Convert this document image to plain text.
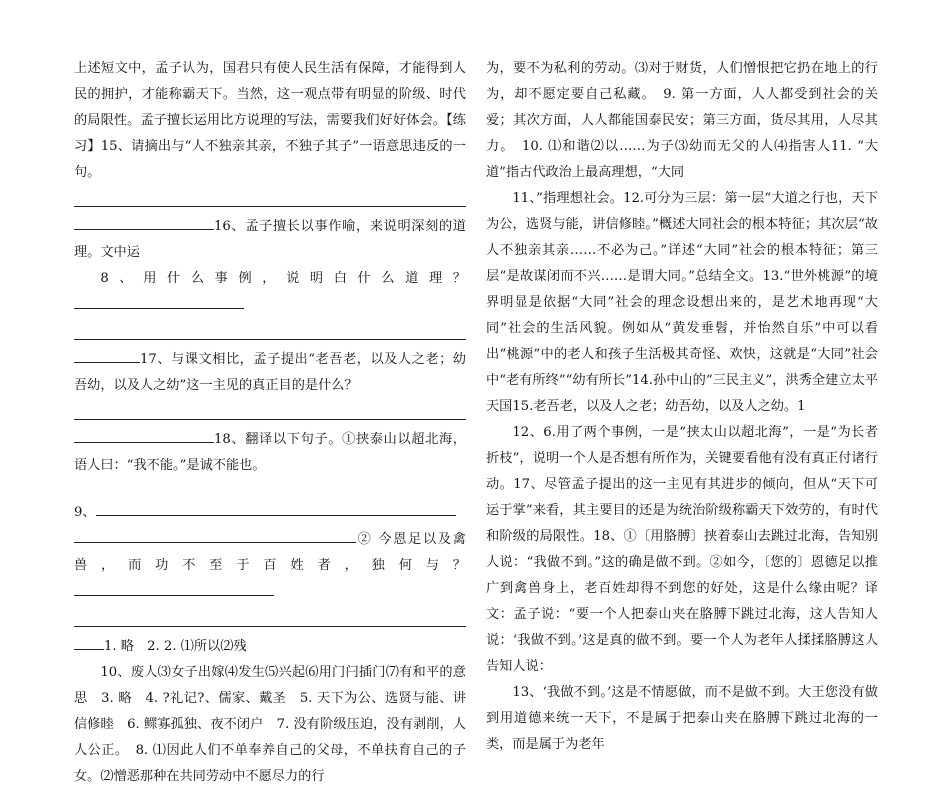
上述短文中，孟子认为，国君只有使人民生活有保障，才能得到人民的拥护，才能称霸天下。当然，这一观点带有明显的阶级、时代的局限性。孟子擅长运用比方说理的写法，需要我们好好体会。【练习】15、请摘出与“人不独亲其亲，不独子其子”一语意思违反的一句。

16、孟子擅长以事作喻，来说明深刻的道理。文中运

8、用什么事例，说明白什么道理？

17、与课文相比，孟子提出“老吾老，以及人之老；幼吾幼，以及人之幼”这一主见的真正目的是什么？

18、翻译以下句子。①挟泰山以超北海，语人曰：“我不能。”是诚不能也。

9、

② 今恩足以及禽兽，而功不至于百姓者，独何与？

1. 略　2. 2. ⑴所以⑵残

10、废人⑶女子出嫁⑷发生⑸兴起⑹用门闩插门⑺有和平的意思　3. 略　4. ?礼记?、儒家、戴圣　5. 天下为公、选贤与能、讲信修睦　6. 鳏寡孤独、夜不闭户　7. 没有阶级压迫，没有剥削，人人公正。　8. ⑴因此人们不单奉养自己的父母，不单扶育自己的子女。⑵憎恶那种在共同劳动中不愿尽力的行

为，要不为私利的劳动。⑶对于财货，人们憎恨把它扔在地上的行为，却不愿定要自己私藏。　9. 第一方面，人人都受到社会的关爱；其次方面，人人都能国泰民安；第三方面，货尽其用，人尽其力。　10. ⑴和谐⑵以……为子⑶幼而无父的人⑷指害人11. “大道”指古代政治上最高理想，“大同

11、”指理想社会。12.可分为三层：第一层“大道之行也，天下为公，选贤与能，讲信修睦。”概述大同社会的根本特征；其次层“故人不独亲其亲……不必为己。”详述“大同”社会的根本特征；第三层“是故谋闭而不兴……是谓大同。”总结全文。13.“世外桃源”的境界明显是依据“大同”社会的理念设想出来的，是艺术地再现“大同”社会的生活风貌。例如从“黄发垂髫，并怡然自乐”中可以看出“桃源”中的老人和孩子生活极其奇怪、欢快，这就是“大同”社会中“老有所终”“幼有所长”14.孙中山的“三民主义”，洪秀全建立太平天国15.老吾老，以及人之老；幼吾幼，以及人之幼。1

12、6.用了两个事例，一是“挟太山以超北海”，一是“为长者折枝”，说明一个人是否想有所作为，关键要看他有没有真正付诸行动。17、尽管孟子提出的这一主见有其进步的倾向，但从“天下可运于掌”来看，其主要目的还是为统治阶级称霸天下效劳的，有时代和阶级的局限性。18、①〔用胳膊〕挟着泰山去跳过北海，告知别人说：“我做不到。”这的确是做不到。②如今，〔您的〕恩德足以推广到禽兽身上，老百姓却得不到您的好处，这是什么缘由呢？译文：孟子说：“要一个人把泰山夹在胳膊下跳过北海，这人告知人说：‘我做不到。’这是真的做不到。要一个人为老年人揉揉胳膊这人告知人说：

13、‘我做不到。’这是不情愿做，而不是做不到。大王您没有做到用道德来统一天下，不是属于把泰山夹在胳膊下跳过北海的一类，而是属于为老年
